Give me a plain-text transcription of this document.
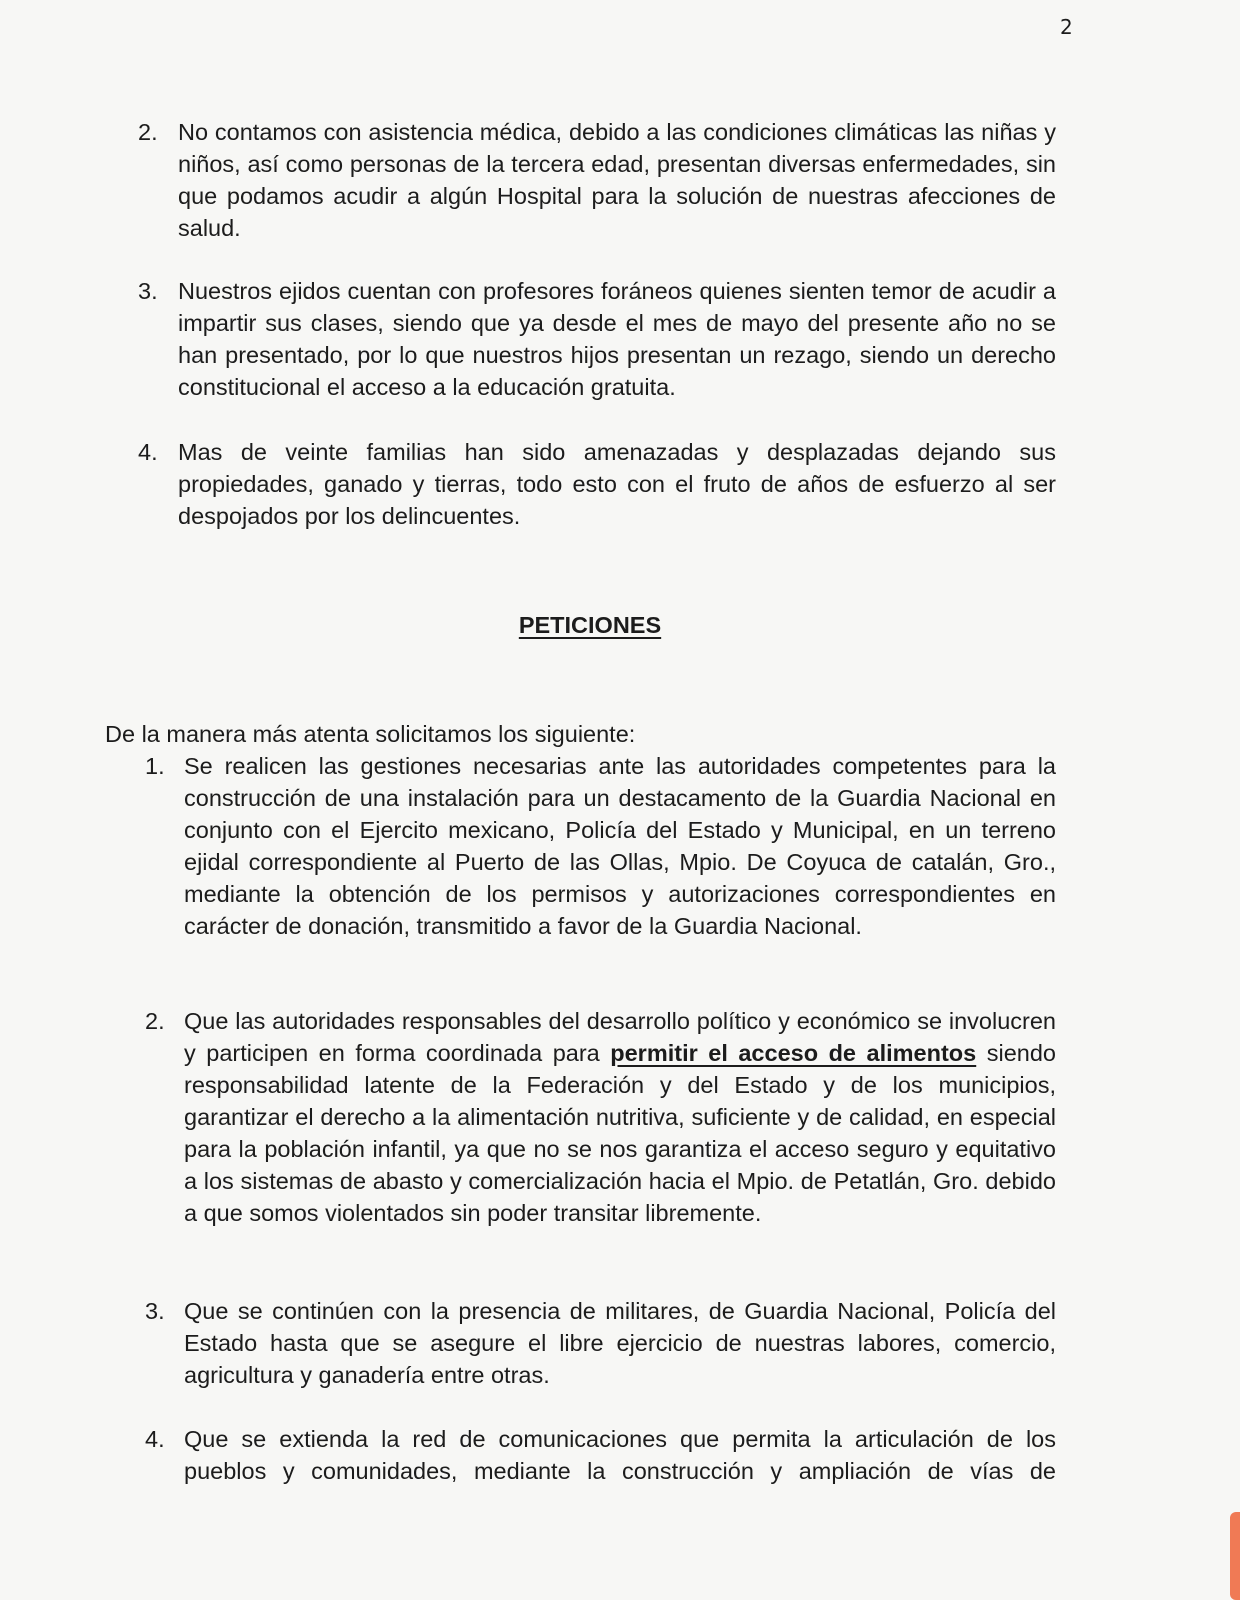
2
2. No contamos con asistencia médica, debido a las condiciones climáticas las niñas y niños, así como personas de la tercera edad, presentan diversas enfermedades, sin que podamos acudir a algún Hospital para la solución de nuestras afecciones de salud.
3. Nuestros ejidos cuentan con profesores foráneos quienes sienten temor de acudir a impartir sus clases, siendo que ya desde el mes de mayo del presente año no se han presentado, por lo que nuestros hijos presentan un rezago, siendo un derecho constitucional el acceso a la educación gratuita.
4. Mas de veinte familias han sido amenazadas y desplazadas dejando sus propiedades, ganado y tierras, todo esto con el fruto de años de esfuerzo al ser despojados por los delincuentes.
PETICIONES
De la manera más atenta solicitamos los siguiente:
1. Se realicen las gestiones necesarias ante las autoridades competentes para la construcción de una instalación para un destacamento de la Guardia Nacional en conjunto con el Ejercito mexicano, Policía del Estado y Municipal, en un terreno ejidal correspondiente al Puerto de las Ollas, Mpio. De Coyuca de catalán, Gro., mediante la obtención de los permisos y autorizaciones correspondientes en carácter de donación, transmitido a favor de la Guardia Nacional.
2. Que las autoridades responsables del desarrollo político y económico se involucren y participen en forma coordinada para permitir el acceso de alimentos siendo responsabilidad latente de la Federación y del Estado y de los municipios, garantizar el derecho a la alimentación nutritiva, suficiente y de calidad, en especial para la población infantil, ya que no se nos garantiza el acceso seguro y equitativo a los sistemas de abasto y comercialización hacia el Mpio. de Petatlán, Gro. debido a que somos violentados sin poder transitar libremente.
3. Que se continúen con la presencia de militares, de Guardia Nacional, Policía del Estado hasta que se asegure el libre ejercicio de nuestras labores, comercio, agricultura y ganadería entre otras.
4. Que se extienda la red de comunicaciones que permita la articulación de los pueblos y comunidades, mediante la construcción y ampliación de vías de
